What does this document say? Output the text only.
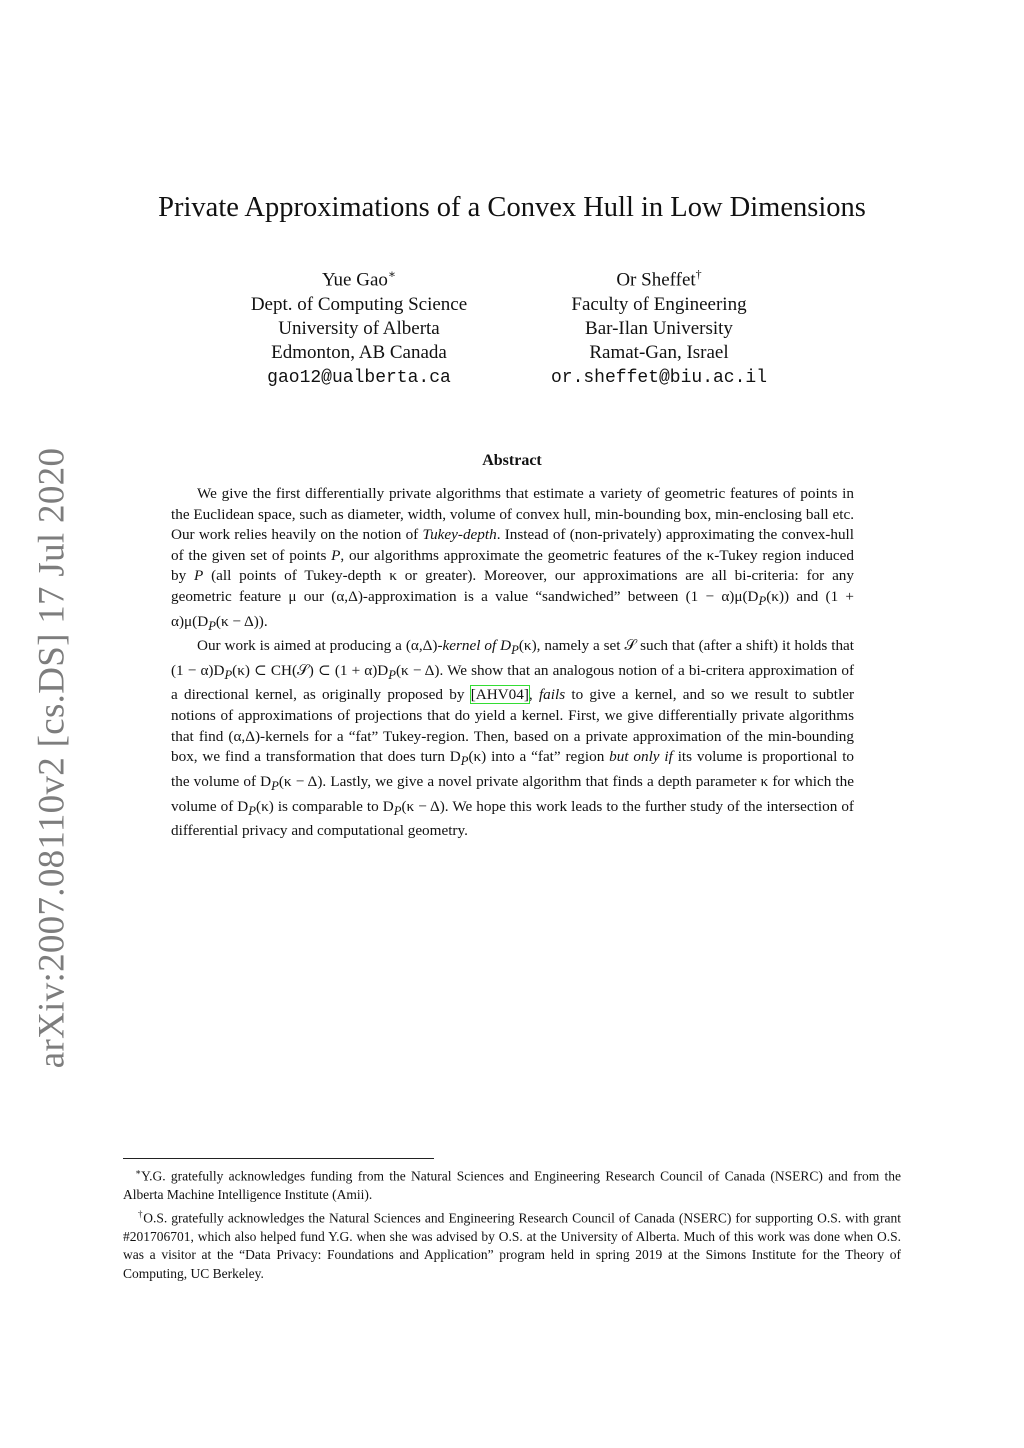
arXiv:2007.08110v2 [cs.DS] 17 Jul 2020
Private Approximations of a Convex Hull in Low Dimensions
Yue Gao∗
Dept. of Computing Science
University of Alberta
Edmonton, AB Canada
gao12@ualberta.ca
Or Sheffet†
Faculty of Engineering
Bar-Ilan University
Ramat-Gan, Israel
or.sheffet@biu.ac.il
Abstract

We give the first differentially private algorithms that estimate a variety of geometric features of points in the Euclidean space, such as diameter, width, volume of convex hull, min-bounding box, min-enclosing ball etc. Our work relies heavily on the notion of Tukey-depth. Instead of (non-privately) approximating the convex-hull of the given set of points P, our algorithms approximate the geometric features of the κ-Tukey region induced by P (all points of Tukey-depth κ or greater). Moreover, our approximations are all bi-criteria: for any geometric feature μ our (α,Δ)-approximation is a value “sandwiched” between $(1 - \alpha)\mu(D_P(\kappa))$ and $(1 + \alpha)\mu(D_P(\kappa - \Delta))$.

Our work is aimed at producing a (α,Δ)-kernel of $D_P(\kappa)$, namely a set 𝒮 such that (after a shift) it holds that $(1 - \alpha)D_P(\kappa)$ ⊂ CH(𝒮) ⊂ $(1 + \alpha)D_P(\kappa - \Delta)$. We show that an analogous notion of a bi-critera approximation of a directional kernel, as originally proposed by [AHV04], fails to give a kernel, and so we result to subtler notions of approximations of projections that do yield a kernel. First, we give differentially private algorithms that find (α,Δ)-kernels for a “fat” Tukey-region. Then, based on a private approximation of the min-bounding box, we find a transformation that does turn $D_P(\kappa)$ into a “fat” region but only if its volume is proportional to the volume of $D_P(\kappa - \Delta)$. Lastly, we give a novel private algorithm that finds a depth parameter κ for which the volume of $D_P(\kappa)$ is comparable to $D_P(\kappa - \Delta)$. We hope this work leads to the further study of the intersection of differential privacy and computational geometry.

∗Y.G. gratefully acknowledges funding from the Natural Sciences and Engineering Research Council of Canada (NSERC) and from the Alberta Machine Intelligence Institute (Amii).

†O.S. gratefully acknowledges the Natural Sciences and Engineering Research Council of Canada (NSERC) for supporting O.S. with grant #201706701, which also helped fund Y.G. when she was advised by O.S. at the University of Alberta. Much of this work was done when O.S. was a visitor at the “Data Privacy: Foundations and Application” program held in spring 2019 at the Simons Institute for the Theory of Computing, UC Berkeley.
